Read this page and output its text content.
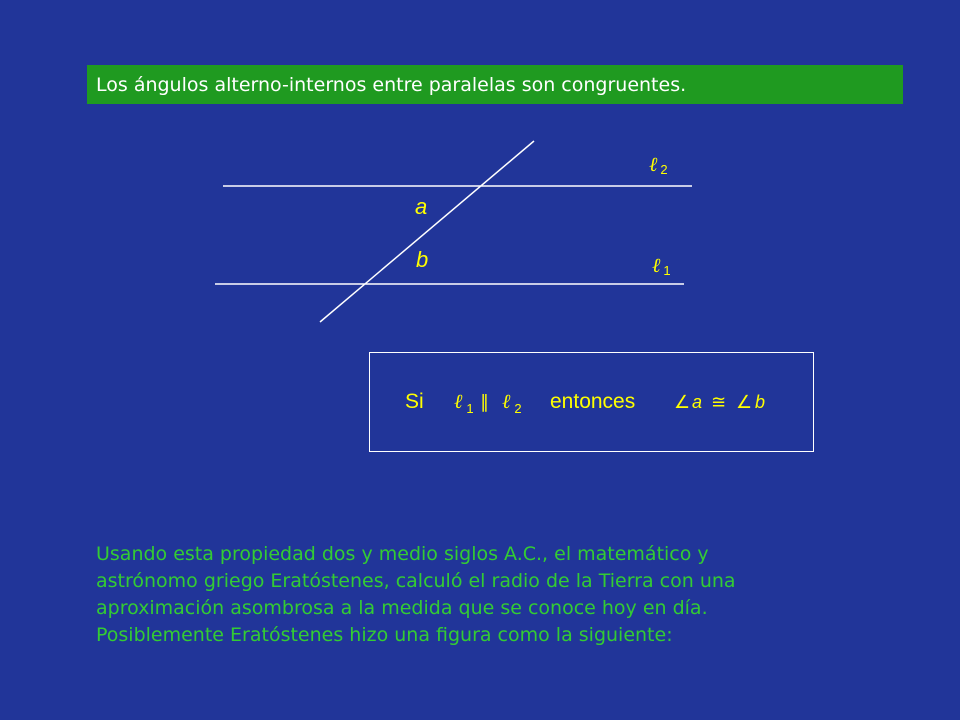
Los ángulos alterno-internos entre paralelas son congruentes.
a
b
ℓ 2
ℓ 1
Si ℓ $_1$ ∥ ℓ $_2$ entonces ∠ a ≅ ∠ b

Usando esta propiedad dos y medio siglos A.C., el matemático y

astrónomo griego Eratóstenes, calculó el radio de la Tierra con una

aproximación asombrosa a la medida que se conoce hoy en día.

Posiblemente Eratóstenes hizo una figura como la siguiente:
